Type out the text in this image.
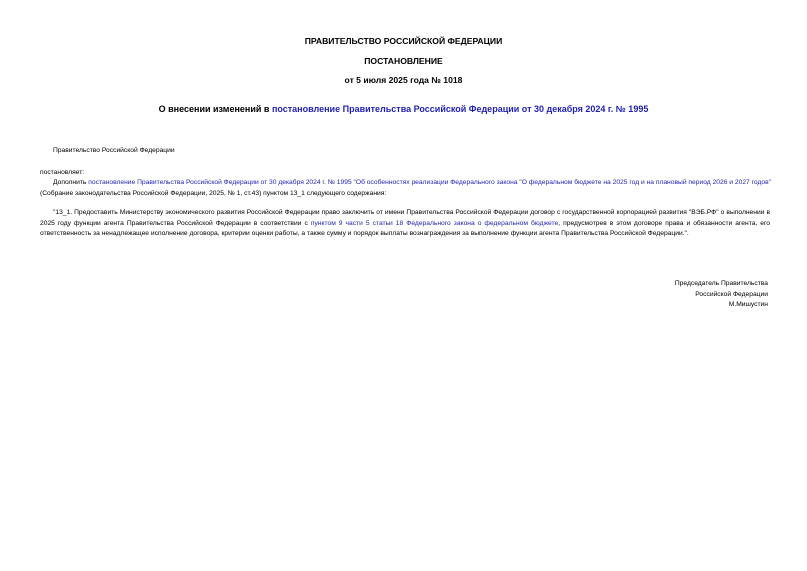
ПРАВИТЕЛЬСТВО РОССИЙСКОЙ ФЕДЕРАЦИИ
ПОСТАНОВЛЕНИЕ
от 5 июля 2025 года № 1018
О внесении изменений в постановление Правительства Российской Федерации от 30 декабря 2024 г. № 1995
Правительство Российской Федерации
постановляет:
Дополнить постановление Правительства Российской Федерации от 30 декабря 2024 г. № 1995 "Об особенностях реализации Федерального закона "О федеральном бюджете на 2025 год и на плановый период 2026 и 2027 годов" (Собрание законодательства Российской Федерации, 2025, № 1, ст.43) пунктом 13_1 следующего содержания:
"13_1. Предоставить Министерству экономического развития Российской Федерации право заключить от имени Правительства Российской Федерации договор с государственной корпорацией развития "ВЭБ.РФ" о выполнении в 2025 году функции агента Правительства Российской Федерации в соответствии с пунктом 9 части 5 статьи 18 Федерального закона о федеральном бюджете, предусмотрев в этом договоре права и обязанности агента, его ответственность за ненадлежащее исполнение договора, критерии оценки работы, а также сумму и порядок выплаты вознаграждения за выполнение функции агента Правительства Российской Федерации.".
Председатель Правительства
Российской Федерации
М.Мишустин
